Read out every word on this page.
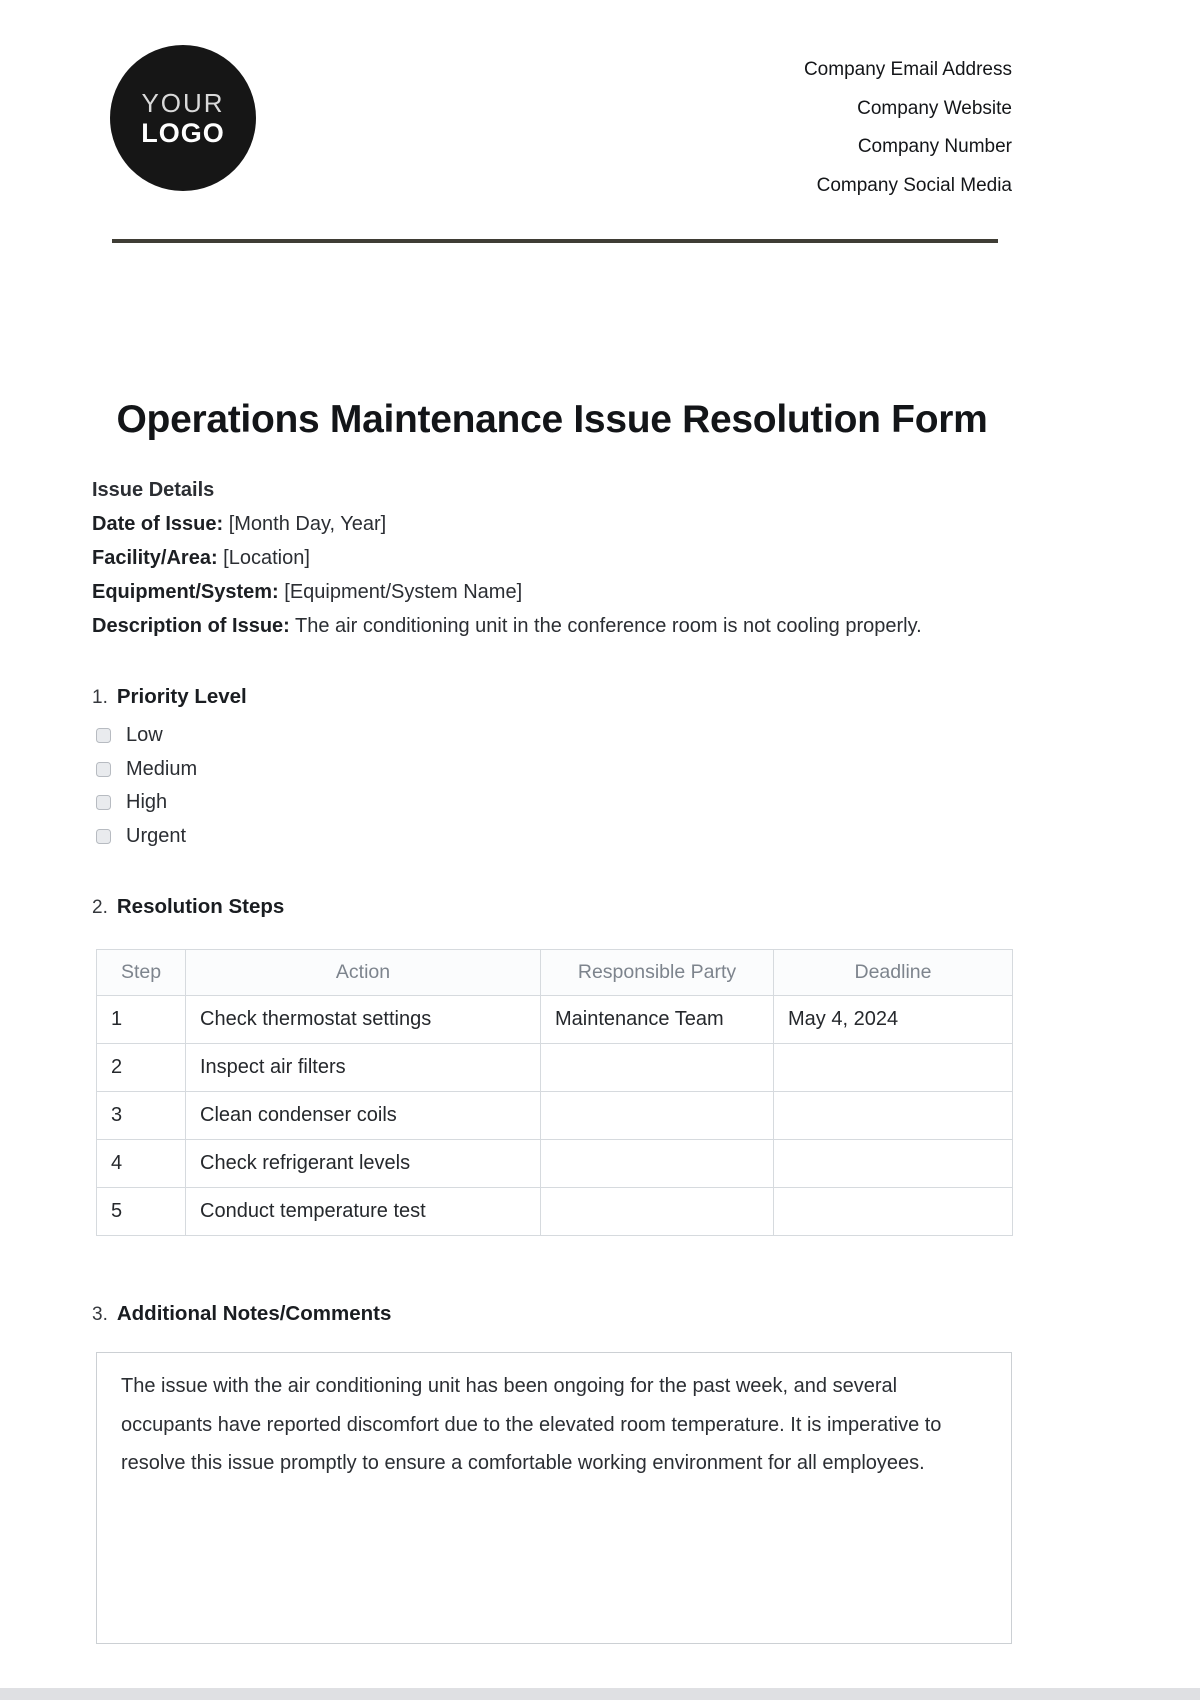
YOUR
LOGO
Company Email Address
Company Website
Company Number
Company Social Media
Operations Maintenance Issue Resolution Form

Issue Details

Date of Issue: [Month Day, Year]

Facility/Area: [Location]

Equipment/System: [Equipment/System Name]

Description of Issue: The air conditioning unit in the conference room is not cooling properly.

1. Priority Level

Low
Medium
High
Urgent

2. Resolution Steps

Step	Action	Responsible Party	Deadline
1	Check thermostat settings	Maintenance Team	May 4, 2024
2	Inspect air filters		
3	Clean condenser coils		
4	Check refrigerant levels		
5	Conduct temperature test		

3. Additional Notes/Comments

The issue with the air conditioning unit has been ongoing for the past week, and several occupants have reported discomfort due to the elevated room temperature. It is imperative to resolve this issue promptly to ensure a comfortable working environment for all employees.
